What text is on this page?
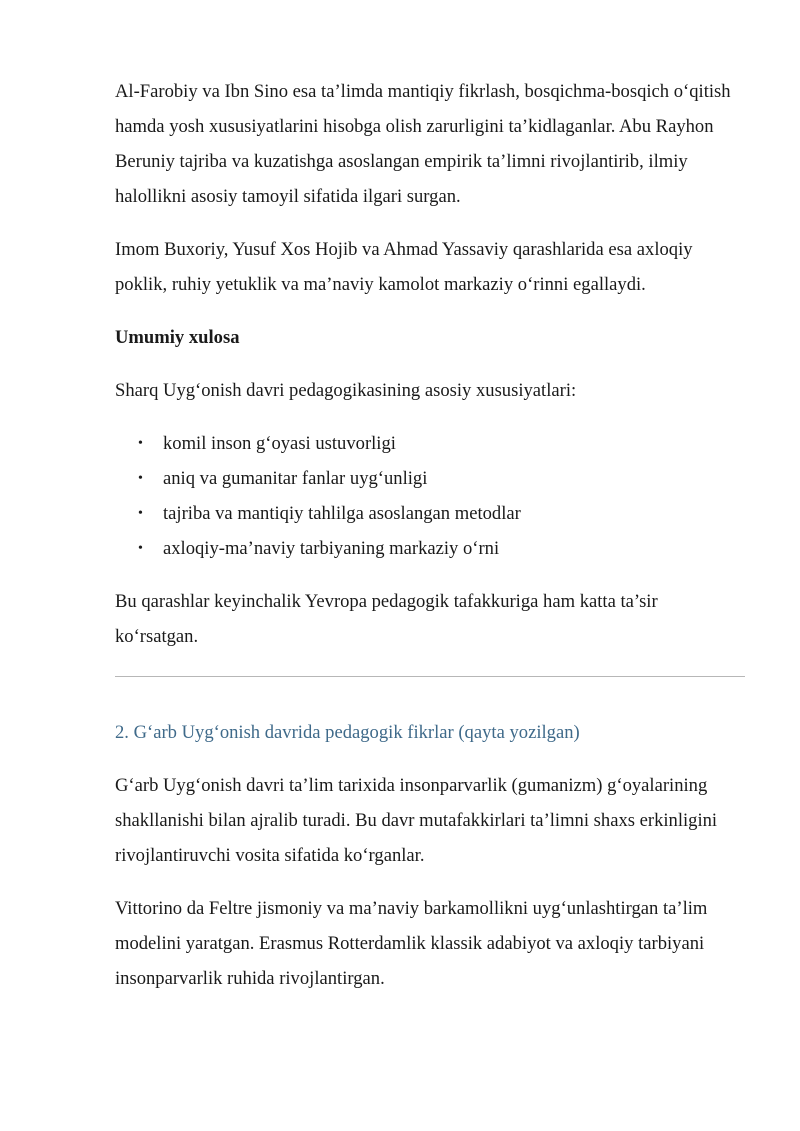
Al-Farobiy va Ibn Sino esa ta’limda mantiqiy fikrlash, bosqichma-bosqich o‘qitish hamda yosh xususiyatlarini hisobga olish zarurligini ta’kidlaganlar. Abu Rayhon Beruniy tajriba va kuzatishga asoslangan empirik ta’limni rivojlantirib, ilmiy halollikni asosiy tamoyil sifatida ilgari surgan.

Imom Buxoriy, Yusuf Xos Hojib va Ahmad Yassaviy qarashlarida esa axloqiy poklik, ruhiy yetuklik va ma’naviy kamolot markaziy o‘rinni egallaydi.

Umumiy xulosa

Sharq Uyg‘onish davri pedagogikasining asosiy xususiyatlari:

• komil inson g‘oyasi ustuvorligi
• aniq va gumanitar fanlar uyg‘unligi
• tajriba va mantiqiy tahlilga asoslangan metodlar
• axloqiy-ma’naviy tarbiyaning markaziy o‘rni

Bu qarashlar keyinchalik Yevropa pedagogik tafakkuriga ham katta ta’sir ko‘rsatgan.

2. G‘arb Uyg‘onish davrida pedagogik fikrlar (qayta yozilgan)

G‘arb Uyg‘onish davri ta’lim tarixida insonparvarlik (gumanizm) g‘oyalarining shakllanishi bilan ajralib turadi. Bu davr mutafakkirlari ta’limni shaxs erkinligini rivojlantiruvchi vosita sifatida ko‘rganlar.

Vittorino da Feltre jismoniy va ma’naviy barkamollikni uyg‘unlashtirgan ta’lim modelini yaratgan. Erasmus Rotterdamlik klassik adabiyot va axloqiy tarbiyani insonparvarlik ruhida rivojlantirgan.
